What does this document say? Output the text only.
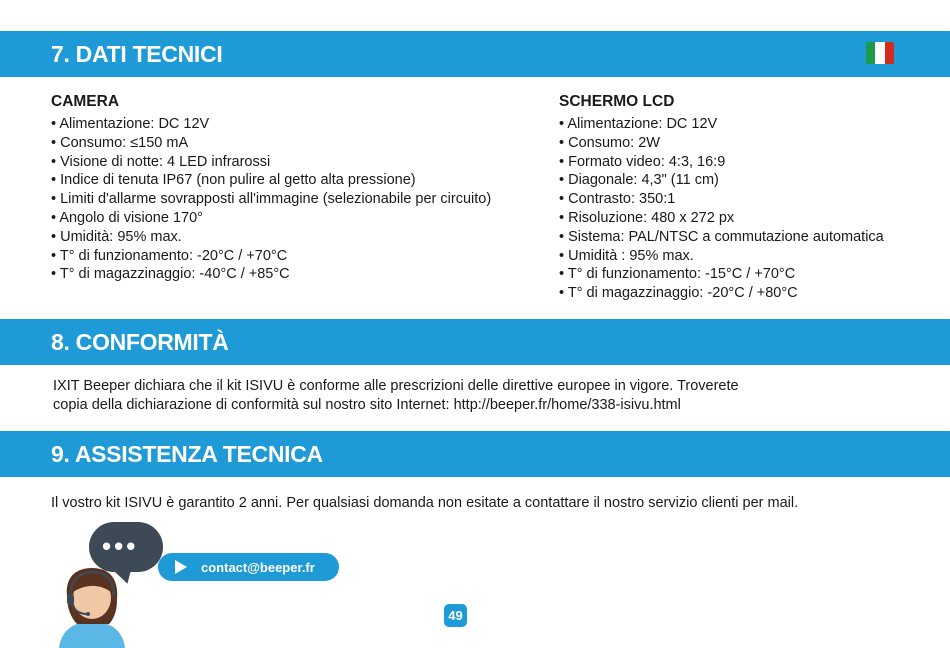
7. DATI TECNICI
CAMERA
• Alimentazione: DC 12V
• Consumo: ≤150 mA
• Visione di notte: 4 LED infrarossi
• Indice di tenuta IP67 (non pulire al getto alta pressione)
• Limiti d'allarme sovrapposti all'immagine (selezionabile per circuito)
• Angolo di visione 170°
• Umidità: 95% max.
• T° di funzionamento: -20°C / +70°C
• T° di magazzinaggio: -40°C / +85°C
SCHERMO LCD
• Alimentazione: DC 12V
• Consumo: 2W
• Formato video: 4:3, 16:9
• Diagonale: 4,3" (11 cm)
• Contrasto: 350:1
• Risoluzione: 480 x 272 px
• Sistema: PAL/NTSC a commutazione automatica
• Umidità : 95% max.
• T° di funzionamento: -15°C / +70°C
• T° di magazzinaggio: -20°C / +80°C
8. CONFORMITÀ
IXIT Beeper dichiara che il kit ISIVU è conforme alle prescrizioni delle direttive europee in vigore. Troverete
copia della dichiarazione di conformità sul nostro sito Internet: http://beeper.fr/home/338-isivu.html
9. ASSISTENZA TECNICA
Il vostro kit ISIVU è garantito 2 anni. Per qualsiasi domanda non esitate a contattare il nostro servizio clienti per mail.
•••
contact@beeper.fr
49
